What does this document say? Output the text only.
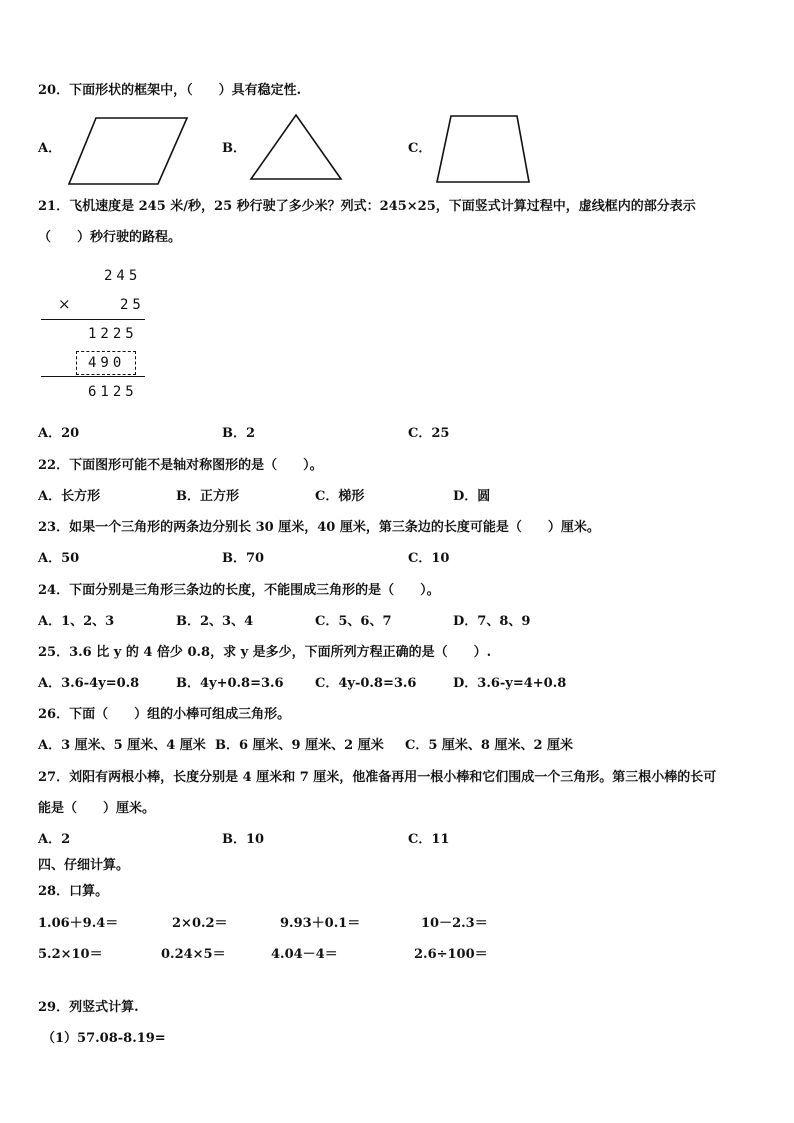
20．下面形状的框架中，（　　）具有稳定性.
A．	B．	C．
21．飞机速度是 245 米/秒，25 秒行驶了多少米？列式：245×25，下面竖式计算过程中，虚线框内的部分表示
（　　）秒行驶的路程。
245
×	25
1225
490
6125
A．20	B．2	C．25
22．下面图形可能不是轴对称图形的是（　　）。
A．长方形	B．正方形	C．梯形	D．圆
23．如果一个三角形的两条边分别长 30 厘米，40 厘米，第三条边的长度可能是（　　）厘米。
A．50	B．70	C．10
24．下面分别是三角形三条边的长度，不能围成三角形的是（　　）。
A．1、2、3	B．2、3、4	C．5、6、7	D．7、8、9
25．3.6 比 y 的 4 倍少 0.8，求 y 是多少，下面所列方程正确的是（　　）.
A．3.6-4y=0.8	B．4y+0.8=3.6 C．4y-0.8=3.6	D．3.6-y=4+0.8
26．下面（　　）组的小棒可组成三角形。
A．3 厘米、5 厘米、4 厘米 B．6 厘米、9 厘米、2 厘米 C．5 厘米、8 厘米、2 厘米
27．刘阳有两根小棒，长度分别是 4 厘米和 7 厘米，他准备再用一根小棒和它们围成一个三角形。第三根小棒的长可
能是（　　）厘米。
A．2	B．10	C．11
四、仔细计算。
28．口算。
1.06＋9.4＝	2×0.2＝	9.93＋0.1＝	10－2.3＝
5.2×10＝	0.24×5＝	4.04－4＝	2.6÷100＝
29．列竖式计算.
（1）57.08-8.19=
